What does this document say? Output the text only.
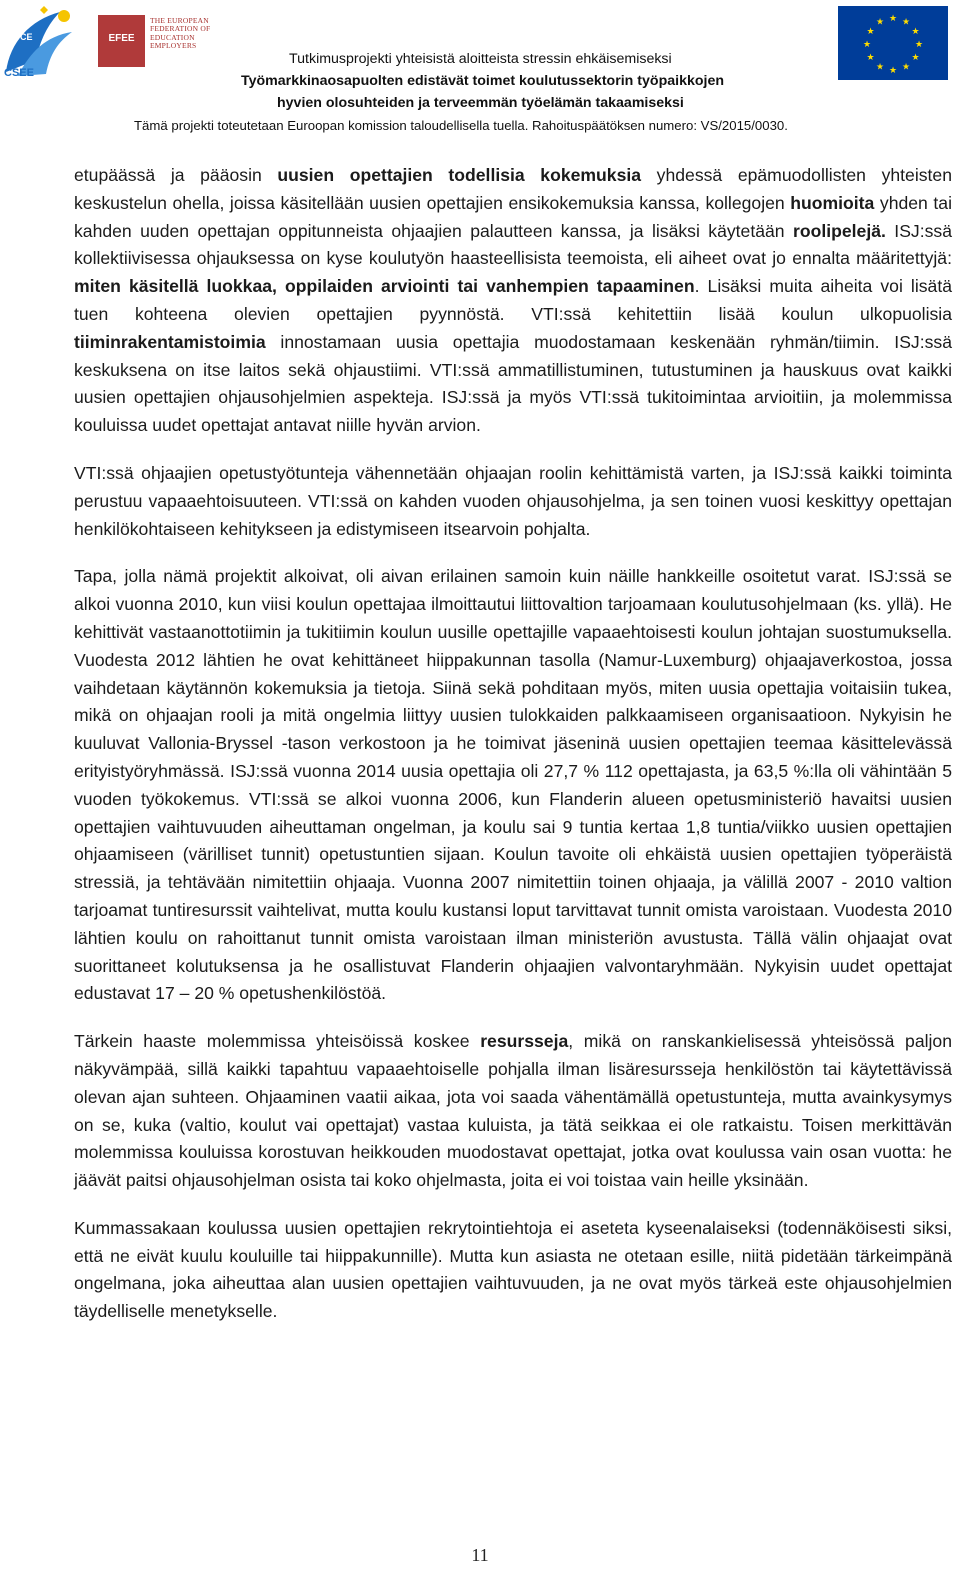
ETUCE
CSEE
EFEE
THE EUROPEAN
FEDERATION OF
EDUCATION
EMPLOYERS
★ ★
★
★
★
★
★
★
★
★
★
★
Tutkimusprojekti yhteisistä aloitteista stressin ehkäisemiseksi
Työmarkkinaosapuolten edistävät toimet koulutussektorin työpaikkojen
hyvien olosuhteiden ja terveemmän työelämän takaamiseksi
Tämä projekti toteutetaan Euroopan komission taloudellisella tuella. Rahoituspäätöksen numero: VS/2015/0030.

etupäässä ja pääosin uusien opettajien todellisia kokemuksia yhdessä epämuodollisten yhteisten keskustelun ohella, joissa käsitellään uusien opettajien ensikokemuksia kanssa, kollegojen huomioita yhden tai kahden uuden opettajan oppitunneista ohjaajien palautteen kanssa, ja lisäksi käytetään roolipelejä. ISJ:ssä kollektiivisessa ohjauksessa on kyse koulutyön haasteellisista teemoista, eli aiheet ovat jo ennalta määritettyjä: miten käsitellä luokkaa, oppilaiden arviointi tai vanhempien tapaaminen. Lisäksi muita aiheita voi lisätä tuen kohteena olevien opettajien pyynnöstä. VTI:ssä kehitettiin lisää koulun ulkopuolisia tiiminrakentamistoimia innostamaan uusia opettajia muodostamaan keskenään ryhmän/tiimin. ISJ:ssä keskuksena on itse laitos sekä ohjaustiimi. VTI:ssä ammatillistuminen, tutustuminen ja hauskuus ovat kaikki uusien opettajien ohjausohjelmien aspekteja. ISJ:ssä ja myös VTI:ssä tukitoimintaa arvioitiin, ja molemmissa kouluissa uudet opettajat antavat niille hyvän arvion.

VTI:ssä ohjaajien opetustyötunteja vähennetään ohjaajan roolin kehittämistä varten, ja ISJ:ssä kaikki toiminta perustuu vapaaehtoisuuteen. VTI:ssä on kahden vuoden ohjausohjelma, ja sen toinen vuosi keskittyy opettajan henkilökohtaiseen kehitykseen ja edistymiseen itsearvoin pohjalta.

Tapa, jolla nämä projektit alkoivat, oli aivan erilainen samoin kuin näille hankkeille osoitetut varat. ISJ:ssä se alkoi vuonna 2010, kun viisi koulun opettajaa ilmoittautui liittovaltion tarjoamaan koulutusohjelmaan (ks. yllä). He kehittivät vastaanottotiimin ja tukitiimin koulun uusille opettajille vapaaehtoisesti koulun johtajan suostumuksella. Vuodesta 2012 lähtien he ovat kehittäneet hiippakunnan tasolla (Namur-Luxemburg) ohjaajaverkostoa, jossa vaihdetaan käytännön kokemuksia ja tietoja. Siinä sekä pohditaan myös, miten uusia opettajia voitaisiin tukea, mikä on ohjaajan rooli ja mitä ongelmia liittyy uusien tulokkaiden palkkaamiseen organisaatioon. Nykyisin he kuuluvat Vallonia-Bryssel -tason verkostoon ja he toimivat jäseninä uusien opettajien teemaa käsittelevässä erityistyöryhmässä. ISJ:ssä vuonna 2014 uusia opettajia oli 27,7 % 112 opettajasta, ja 63,5 %:lla oli vähintään 5 vuoden työkokemus. VTI:ssä se alkoi vuonna 2006, kun Flanderin alueen opetusministeriö havaitsi uusien opettajien vaihtuvuuden aiheuttaman ongelman, ja koulu sai 9 tuntia kertaa 1,8 tuntia/viikko uusien opettajien ohjaamiseen (värilliset tunnit) opetustuntien sijaan. Koulun tavoite oli ehkäistä uusien opettajien työperäistä stressiä, ja tehtävään nimitettiin ohjaaja. Vuonna 2007 nimitettiin toinen ohjaaja, ja välillä 2007 - 2010 valtion tarjoamat tuntiresurssit vaihtelivat, mutta koulu kustansi loput tarvittavat tunnit omista varoistaan. Vuodesta 2010 lähtien koulu on rahoittanut tunnit omista varoistaan ilman ministeriön avustusta. Tällä välin ohjaajat ovat suorittaneet kolutuksensa ja he osallistuvat Flanderin ohjaajien valvontaryhmään. Nykyisin uudet opettajat edustavat 17 – 20 % opetushenkilöstöä.

Tärkein haaste molemmissa yhteisöissä koskee resursseja, mikä on ranskankielisessä yhteisössä paljon näkyvämpää, sillä kaikki tapahtuu vapaaehtoiselle pohjalla ilman lisäresursseja henkilöstön tai käytettävissä olevan ajan suhteen. Ohjaaminen vaatii aikaa, jota voi saada vähentämällä opetustunteja, mutta avainkysymys on se, kuka (valtio, koulut vai opettajat) vastaa kuluista, ja tätä seikkaa ei ole ratkaistu. Toisen merkittävän molemmissa kouluissa korostuvan heikkouden muodostavat opettajat, jotka ovat koulussa vain osan vuotta: he jäävät paitsi ohjausohjelman osista tai koko ohjelmasta, joita ei voi toistaa vain heille yksinään.

Kummassakaan koulussa uusien opettajien rekrytointiehtoja ei aseteta kyseenalaiseksi (todennäköisesti siksi, että ne eivät kuulu kouluille tai hiippakunnille). Mutta kun asiasta ne otetaan esille, niitä pidetään tärkeimpänä ongelmana, joka aiheuttaa alan uusien opettajien vaihtuvuuden, ja ne ovat myös tärkeä este ohjausohjelmien täydelliselle menetykselle.

11
